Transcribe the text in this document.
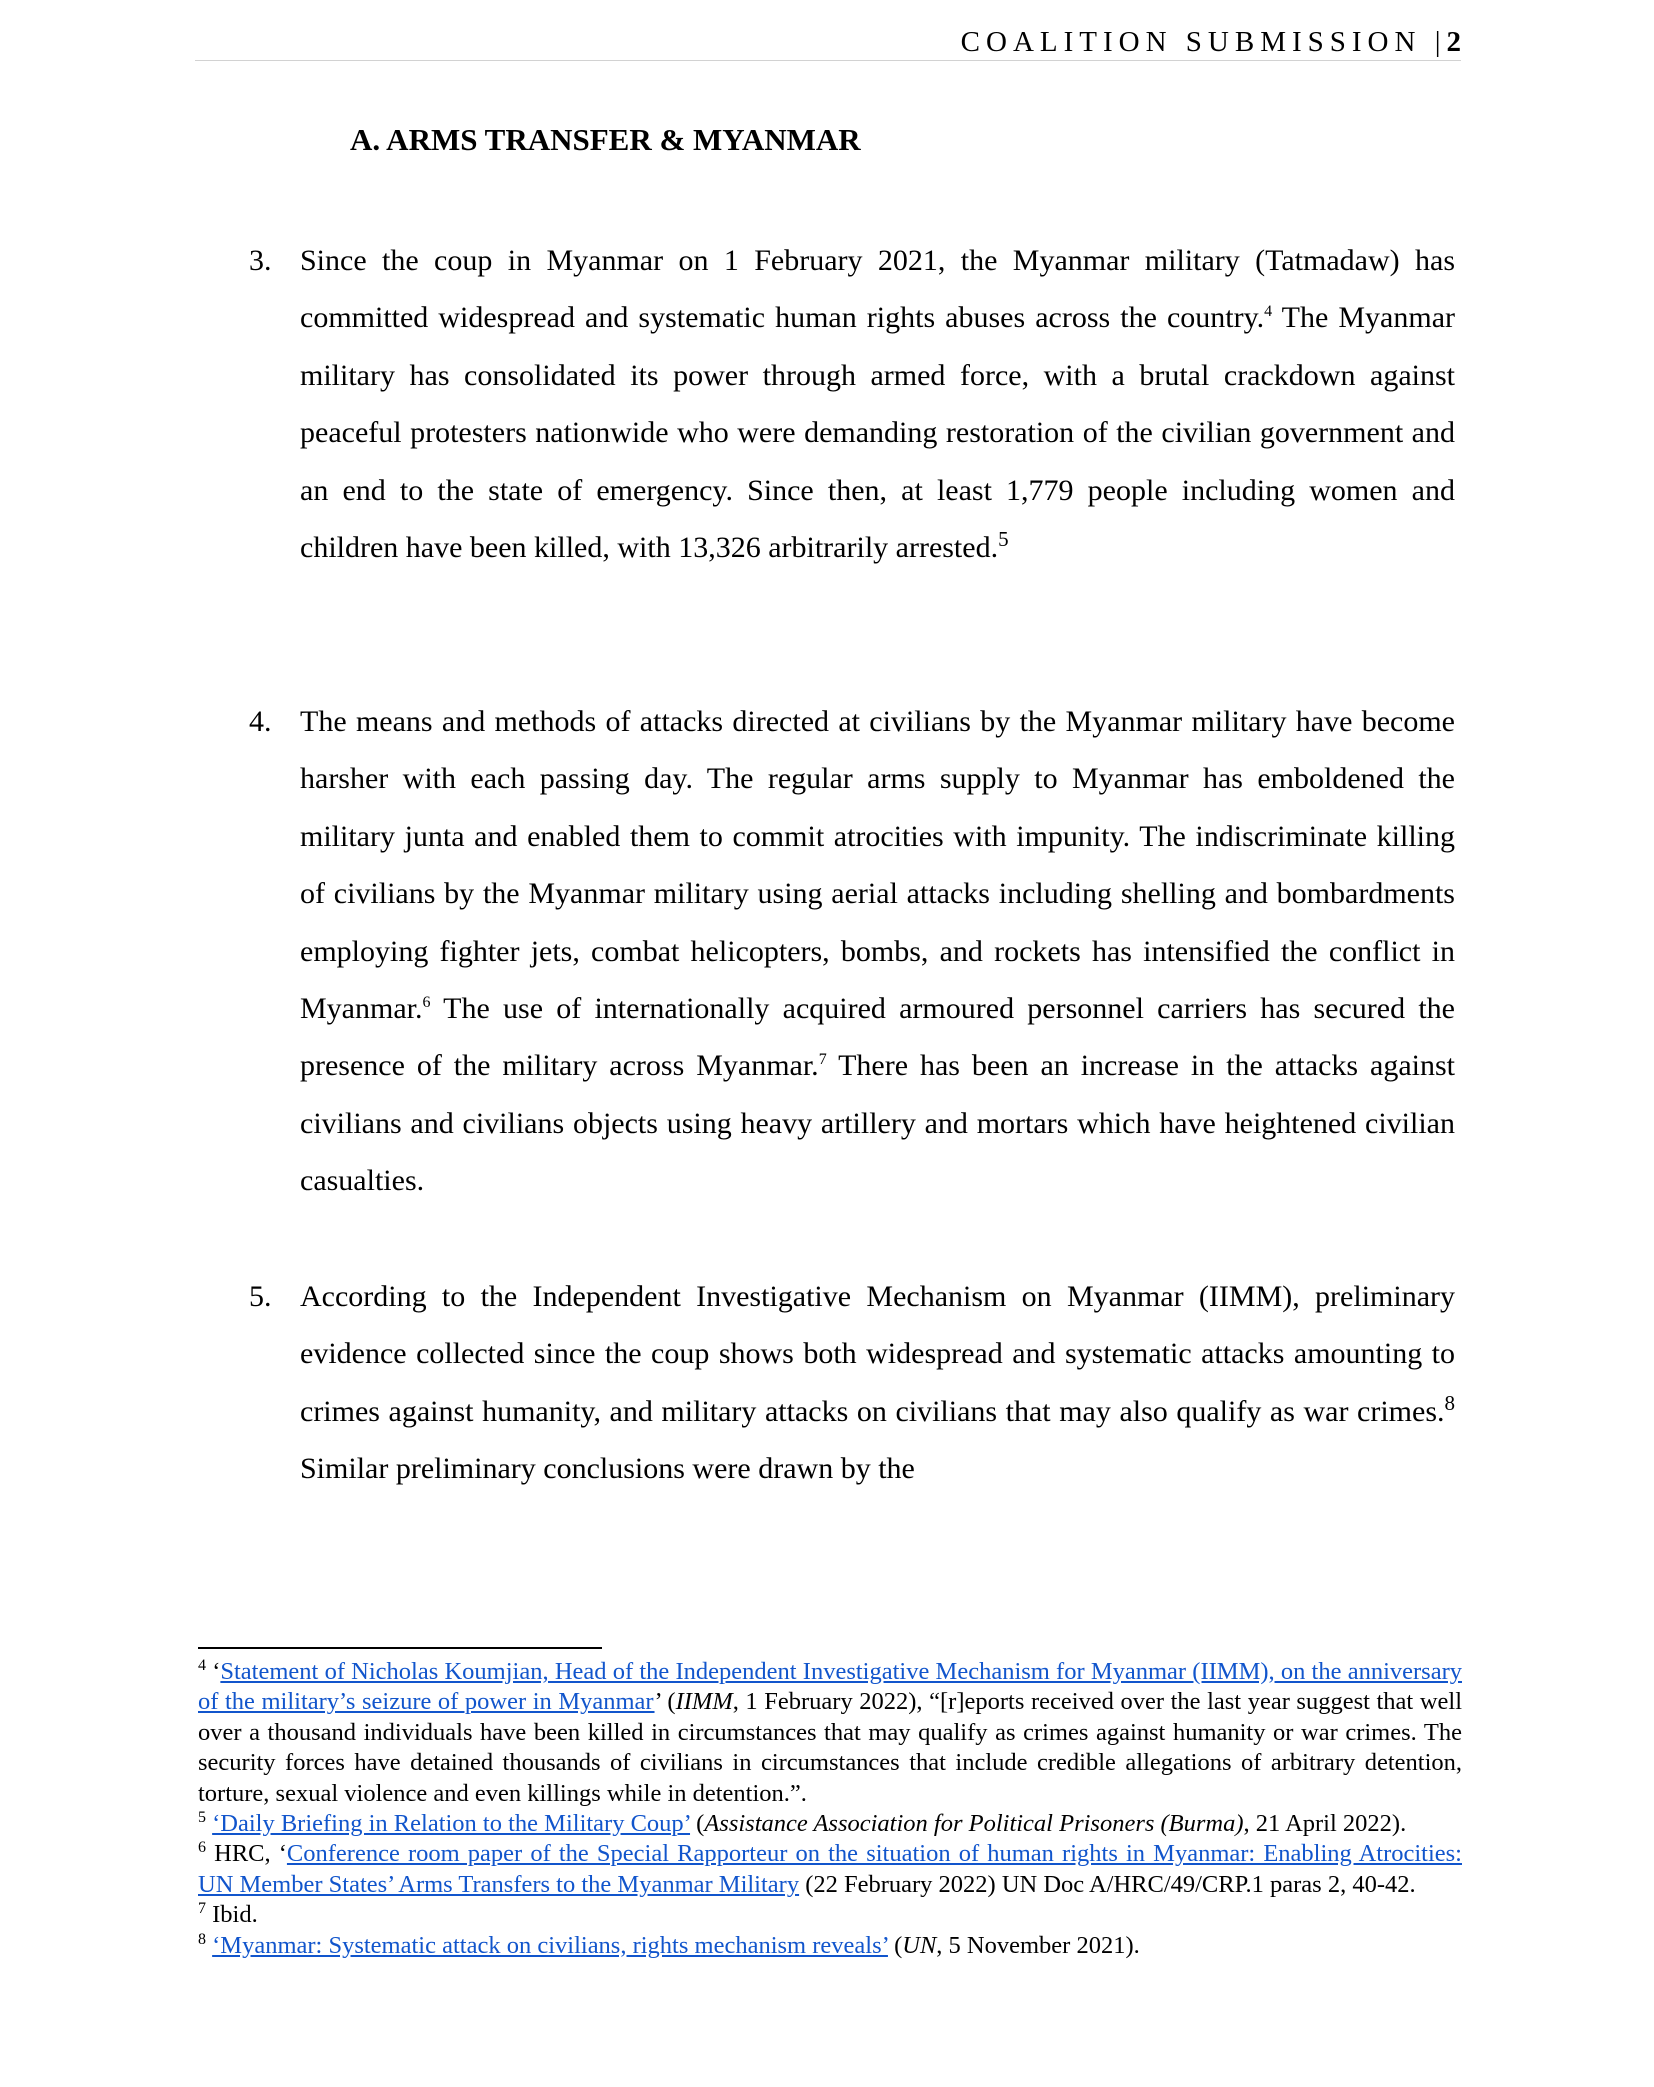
COALITION SUBMISSION |2
A. ARMS TRANSFER & MYANMAR
3. Since the coup in Myanmar on 1 February 2021, the Myanmar military (Tatmadaw) has committed widespread and systematic human rights abuses across the country.$^4$ The Myanmar military has consolidated its power through armed force, with a brutal crackdown against peaceful protesters nationwide who were demanding restoration of the civilian government and an end to the state of emergency. Since then, at least 1,779 people including women and children have been killed, with 13,326 arbitrarily arrested.$^5$
4. The means and methods of attacks directed at civilians by the Myanmar military have become harsher with each passing day. The regular arms supply to Myanmar has emboldened the military junta and enabled them to commit atrocities with impunity. The indiscriminate killing of civilians by the Myanmar military using aerial attacks including shelling and bombardments employing fighter jets, combat helicopters, bombs, and rockets has intensified the conflict in Myanmar.$^6$ The use of internationally acquired armoured personnel carriers has secured the presence of the military across Myanmar.$^7$ There has been an increase in the attacks against civilians and civilians objects using heavy artillery and mortars which have heightened civilian casualties.
5. According to the Independent Investigative Mechanism on Myanmar (IIMM), preliminary evidence collected since the coup shows both widespread and systematic attacks amounting to crimes against humanity, and military attacks on civilians that may also qualify as war crimes.$^8$ Similar preliminary conclusions were drawn by the

$^4$ ‘Statement of Nicholas Koumjian, Head of the Independent Investigative Mechanism for Myanmar (IIMM), on the anniversary of the military’s seizure of power in Myanmar’ (IIMM, 1 February 2022), “[r]eports received over the last year suggest that well over a thousand individuals have been killed in circumstances that may qualify as crimes against humanity or war crimes. The security forces have detained thousands of civilians in circumstances that include credible allegations of arbitrary detention, torture, sexual violence and even killings while in detention.”.

$^5$ ‘Daily Briefing in Relation to the Military Coup’ (Assistance Association for Political Prisoners (Burma), 21 April 2022).

$^6$ HRC, ‘Conference room paper of the Special Rapporteur on the situation of human rights in Myanmar: Enabling Atrocities: UN Member States’ Arms Transfers to the Myanmar Military (22 February 2022) UN Doc A/HRC/49/CRP.1 paras 2, 40-42.

$^7$ Ibid.

$^8$ ‘Myanmar: Systematic attack on civilians, rights mechanism reveals’ (UN, 5 November 2021).
